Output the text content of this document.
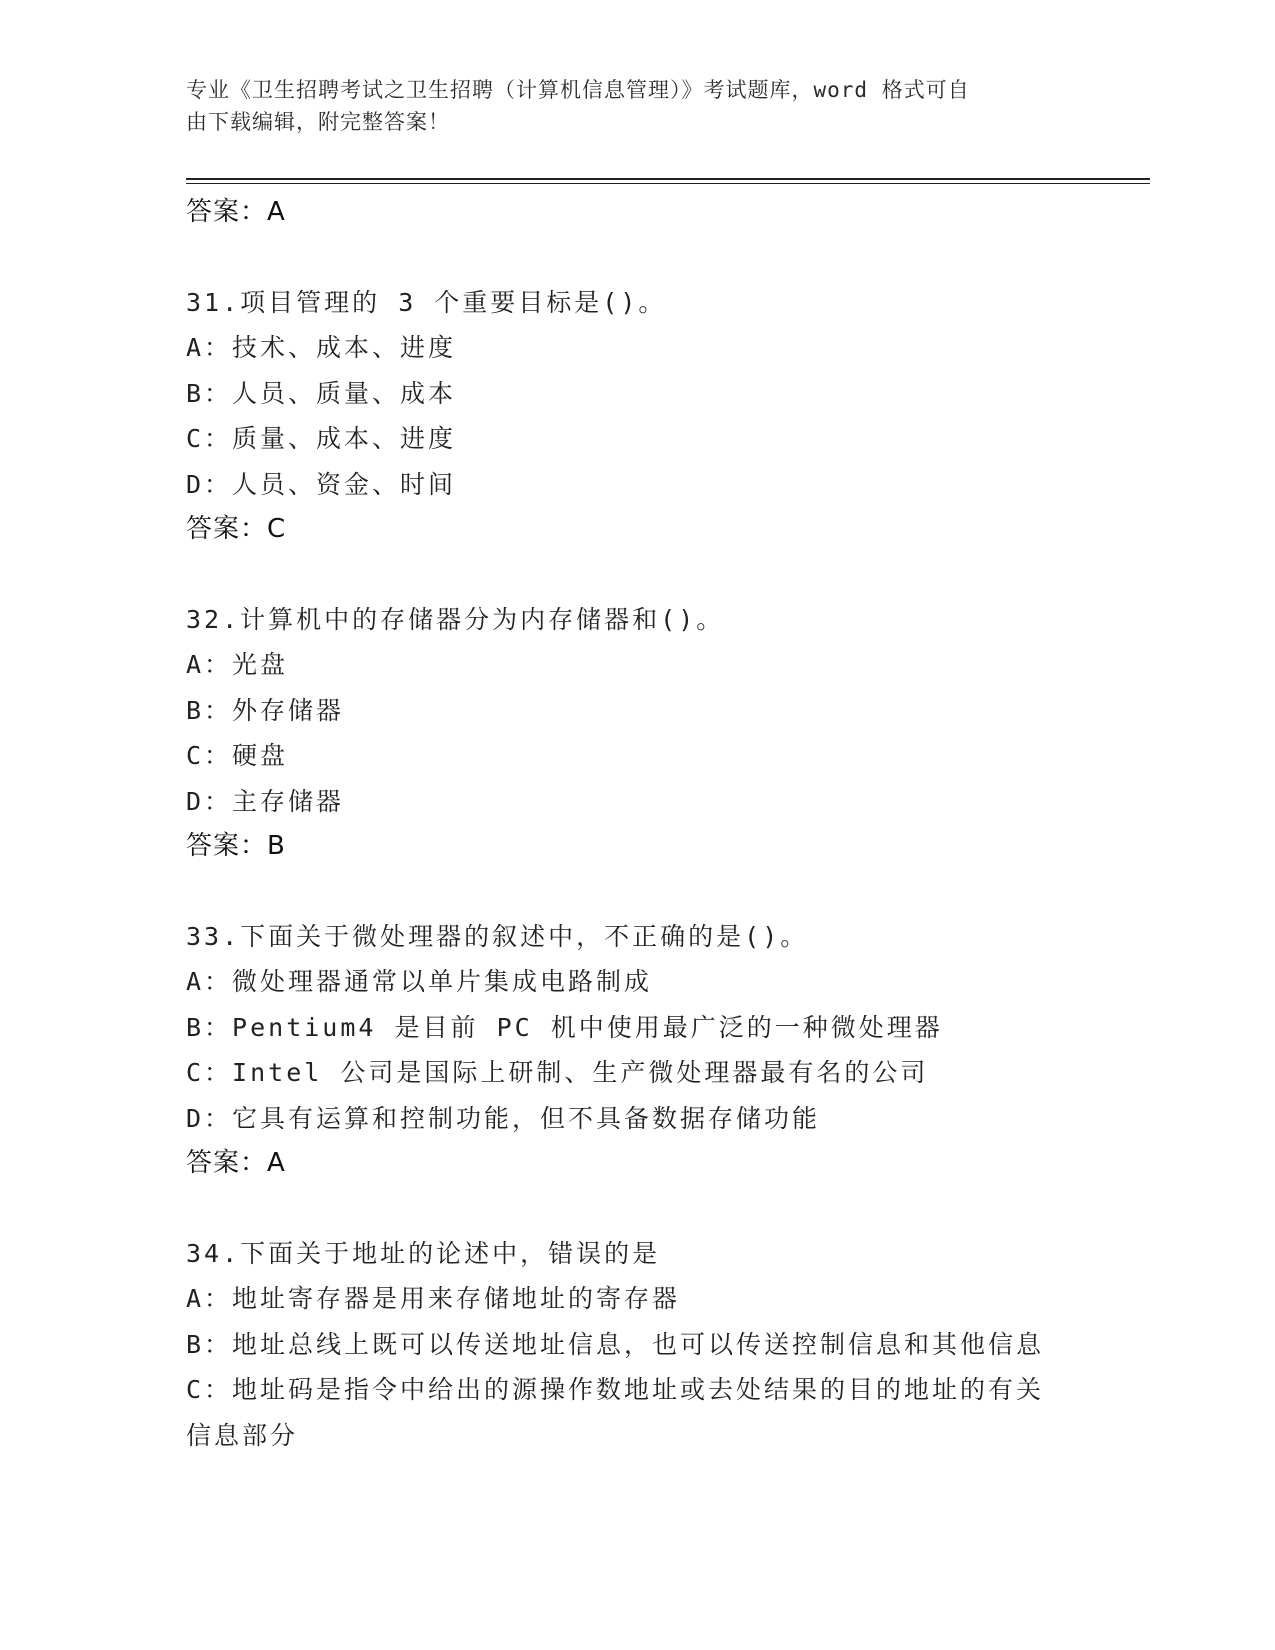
专业《卫生招聘考试之卫生招聘（计算机信息管理）》考试题库，word 格式可自
由下载编辑，附完整答案！
答案：A
31.项目管理的 3 个重要目标是()。
A：技术、成本、进度
B：人员、质量、成本
C：质量、成本、进度
D：人员、资金、时间
答案：C
32.计算机中的存储器分为内存储器和()。
A：光盘
B：外存储器
C：硬盘
D：主存储器
答案：B
33.下面关于微处理器的叙述中，不正确的是()。
A：微处理器通常以单片集成电路制成
B：Pentium4 是目前 PC 机中使用最广泛的一种微处理器
C：Intel 公司是国际上研制、生产微处理器最有名的公司
D：它具有运算和控制功能，但不具备数据存储功能
答案：A
34.下面关于地址的论述中，错误的是
A：地址寄存器是用来存储地址的寄存器
B：地址总线上既可以传送地址信息，也可以传送控制信息和其他信息
C：地址码是指令中给出的源操作数地址或去处结果的目的地址的有关
信息部分
